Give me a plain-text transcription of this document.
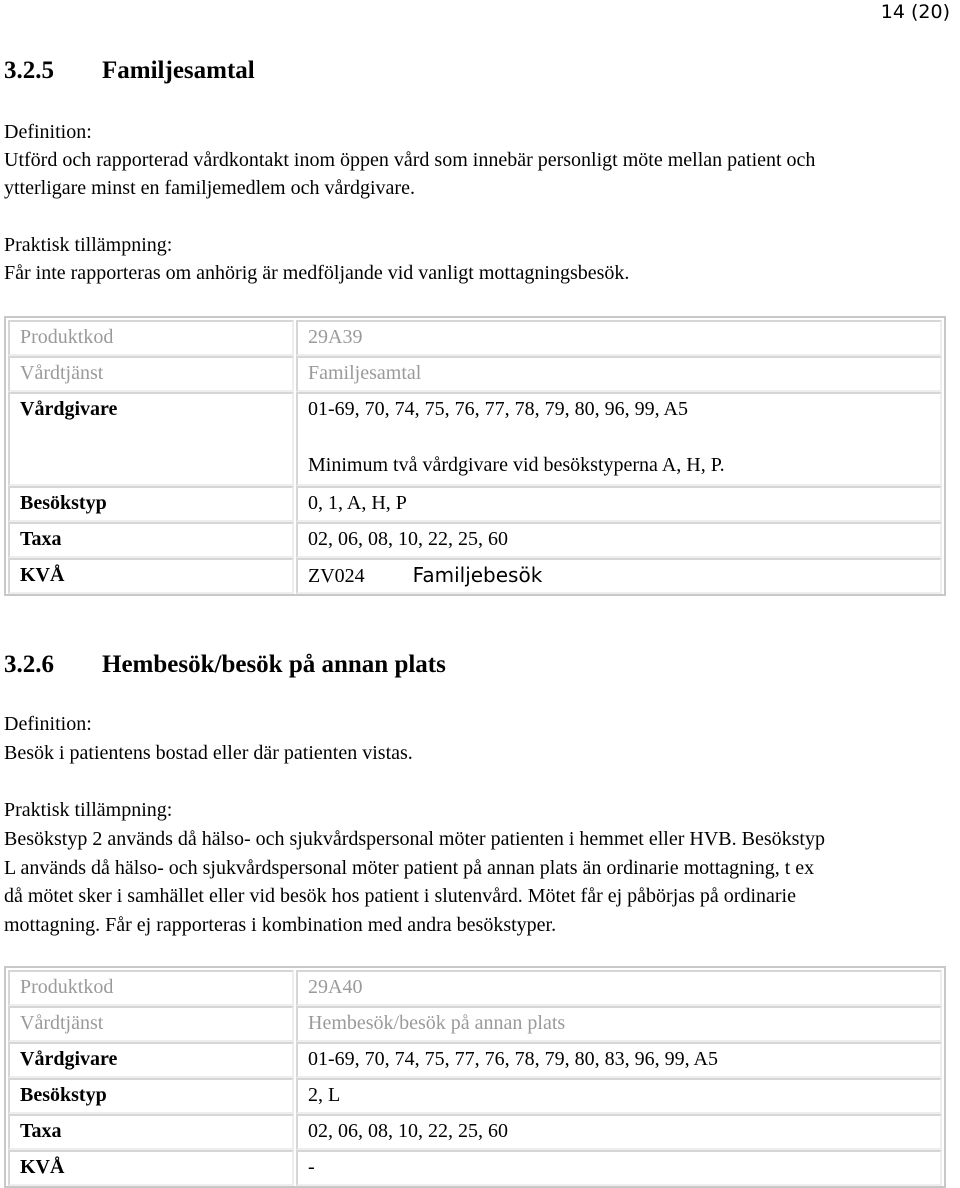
14 (20)
3.2.5 Familjesamtal
Definition:
Utförd och rapporterad vårdkontakt inom öppen vård som innebär personligt möte mellan patient och
ytterligare minst en familjemedlem och vårdgivare.
Praktisk tillämpning:
Får inte rapporteras om anhörig är medföljande vid vanligt mottagningsbesök.
Produktkod	29A39
Vårdtjänst	Familjesamtal
Vårdgivare	01-69, 70, 74, 75, 76, 77, 78, 79, 80, 96, 99, A5
Minimum två vårdgivare vid besökstyperna A, H, P.
Besökstyp	0, 1, A, H, P
Taxa	02, 06, 08, 10, 22, 25, 60
KVÅ	ZV024 Familjebesök
3.2.6 Hembesök/besök på annan plats
Definition:
Besök i patientens bostad eller där patienten vistas.
Praktisk tillämpning:
Besökstyp 2 används då hälso- och sjukvårdspersonal möter patienten i hemmet eller HVB. Besökstyp
L används då hälso- och sjukvårdspersonal möter patient på annan plats än ordinarie mottagning, t ex
då mötet sker i samhället eller vid besök hos patient i slutenvård. Mötet får ej påbörjas på ordinarie
mottagning. Får ej rapporteras i kombination med andra besökstyper.
Produktkod	29A40
Vårdtjänst	Hembesök/besök på annan plats
Vårdgivare	01-69, 70, 74, 75, 77, 76, 78, 79, 80, 83, 96, 99, A5
Besökstyp	2, L
Taxa	02, 06, 08, 10, 22, 25, 60
KVÅ	-
